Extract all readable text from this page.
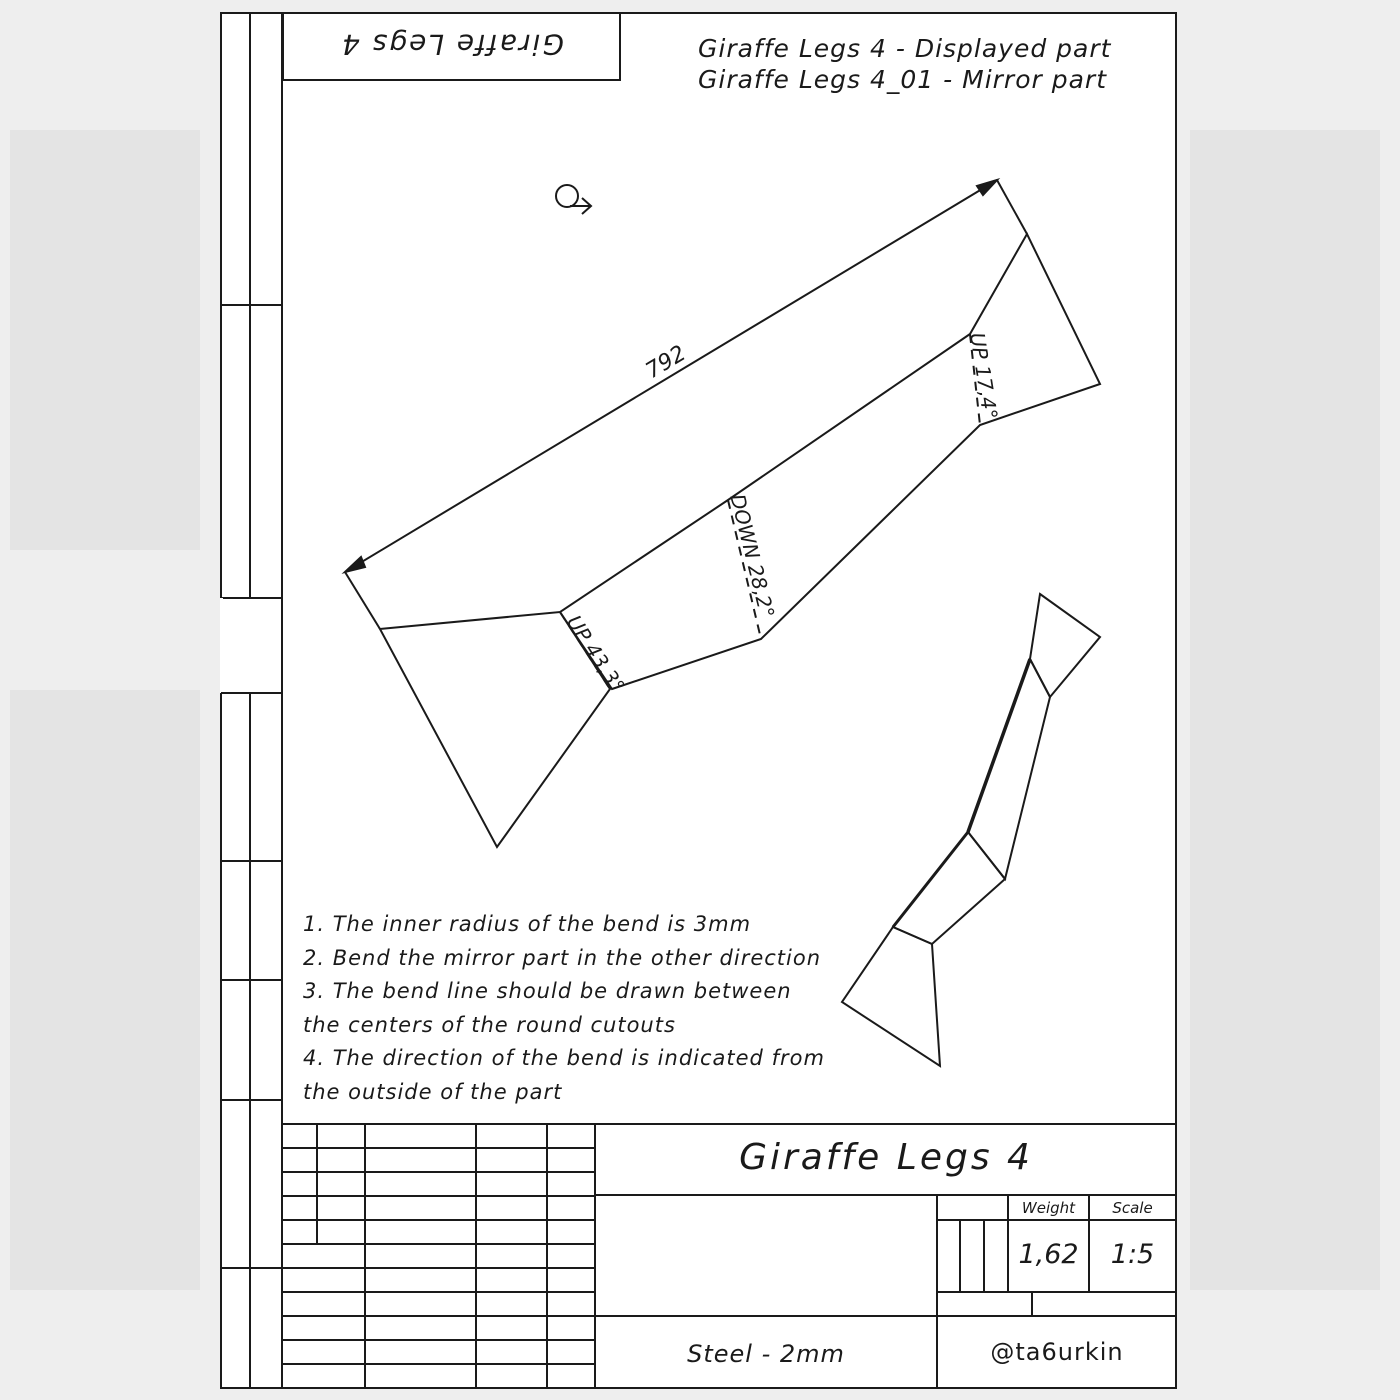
Giraffe Legs 4	Giraffe Legs 4 - Displayed part
Giraffe Legs 4_01 - Mirror part
792	UP 17,4°
DOWN 28,2°
UP 43,3°
1. The inner radius of the bend is 3mm
2. Bend the mirror part in the other direction
3. The bend line should be drawn between
the centers of the round cutouts
4. The direction of the bend is indicated from
the outside of the part
Giraffe Legs 4
Weight	Scale
1,62	1:5
Steel - 2mm	@ta6urkin
